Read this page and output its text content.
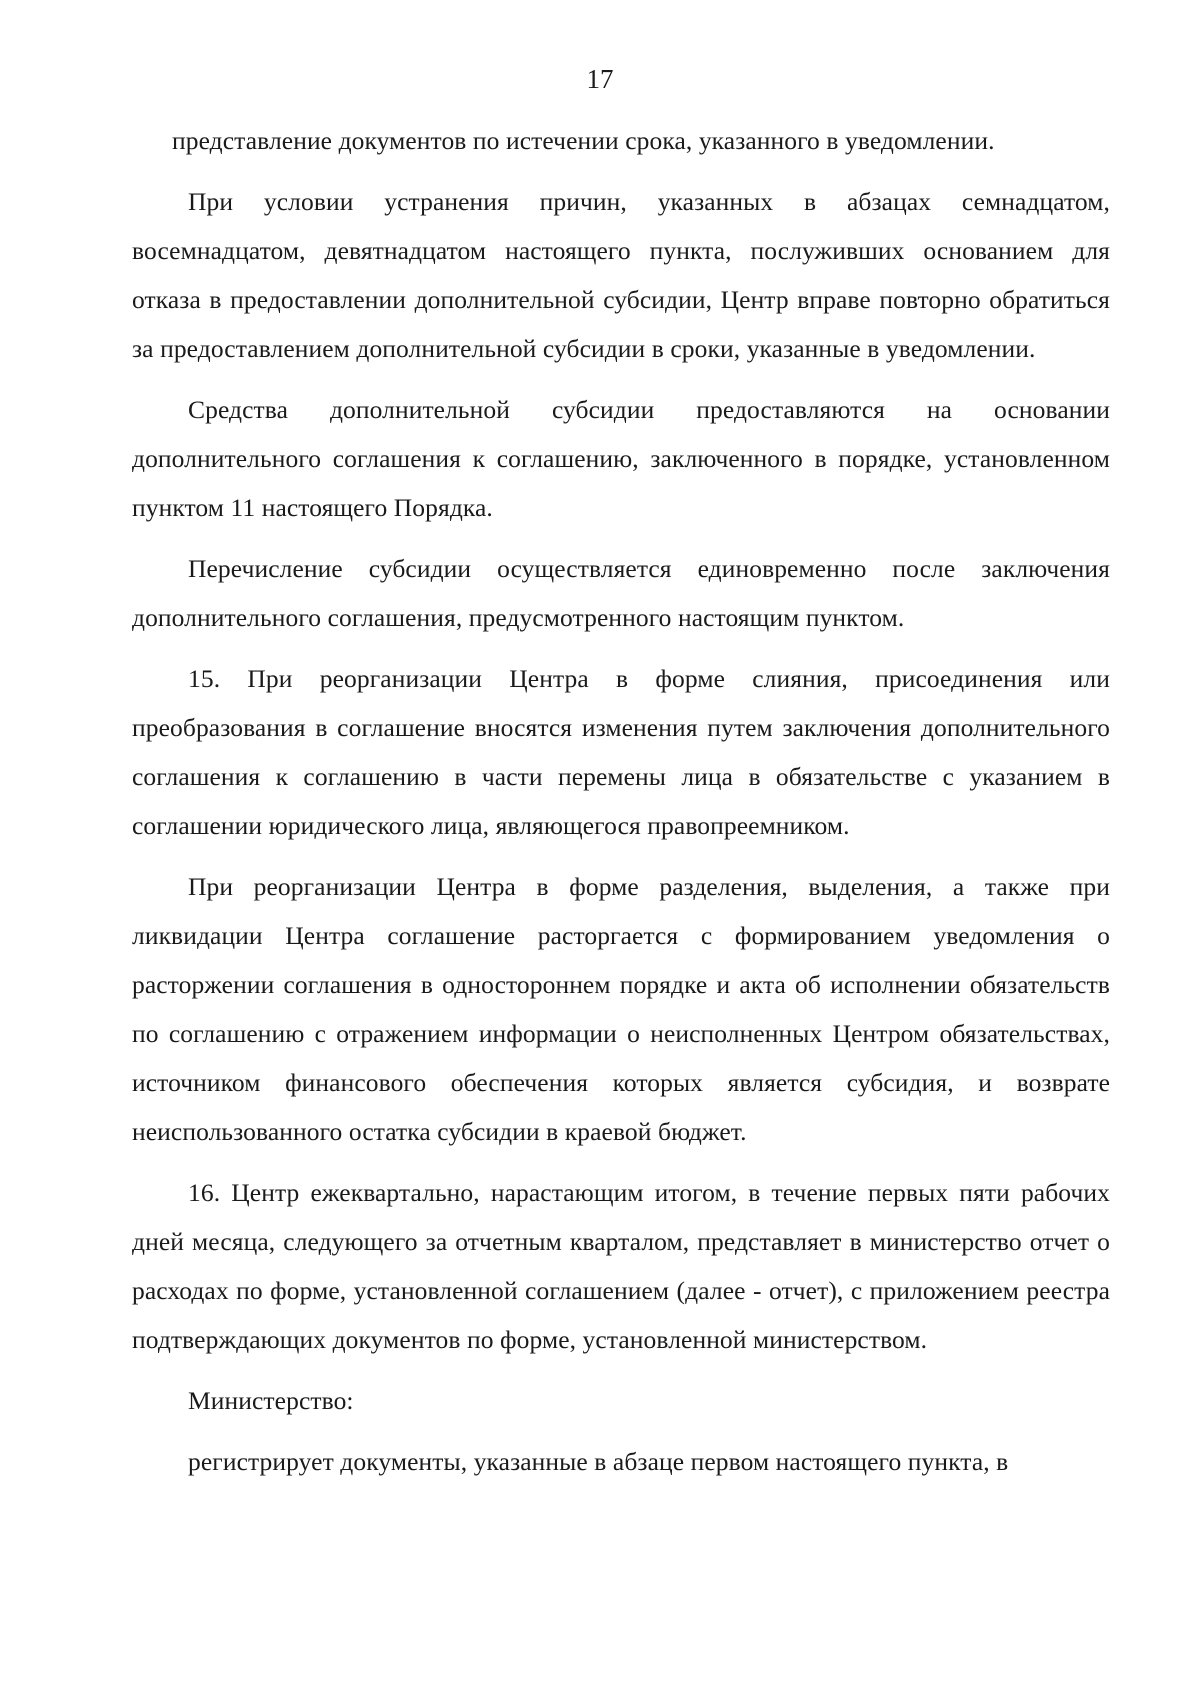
17

представление документов по истечении срока, указанного в уведомлении.

При условии устранения причин, указанных в абзацах семнадцатом, восемнадцатом, девятнадцатом настоящего пункта, послуживших основанием для отказа в предоставлении дополнительной субсидии, Центр вправе повторно обратиться за предоставлением дополнительной субсидии в сроки, указанные в уведомлении.

Средства дополнительной субсидии предоставляются на основании дополнительного соглашения к соглашению, заключенного в порядке, установленном пунктом 11 настоящего Порядка.

Перечисление субсидии осуществляется единовременно после заключения дополнительного соглашения, предусмотренного настоящим пунктом.

15. При реорганизации Центра в форме слияния, присоединения или преобразования в соглашение вносятся изменения путем заключения дополнительного соглашения к соглашению в части перемены лица в обязательстве с указанием в соглашении юридического лица, являющегося правопреемником.

При реорганизации Центра в форме разделения, выделения, а также при ликвидации Центра соглашение расторгается с формированием уведомления о расторжении соглашения в одностороннем порядке и акта об исполнении обязательств по соглашению с отражением информации о неисполненных Центром обязательствах, источником финансового обеспечения которых является субсидия, и возврате неиспользованного остатка субсидии в краевой бюджет.

16. Центр ежеквартально, нарастающим итогом, в течение первых пяти рабочих дней месяца, следующего за отчетным кварталом, представляет в министерство отчет о расходах по форме, установленной соглашением (далее - отчет), с приложением реестра подтверждающих документов по форме, установленной министерством.

Министерство:

регистрирует документы, указанные в абзаце первом настоящего пункта, в
